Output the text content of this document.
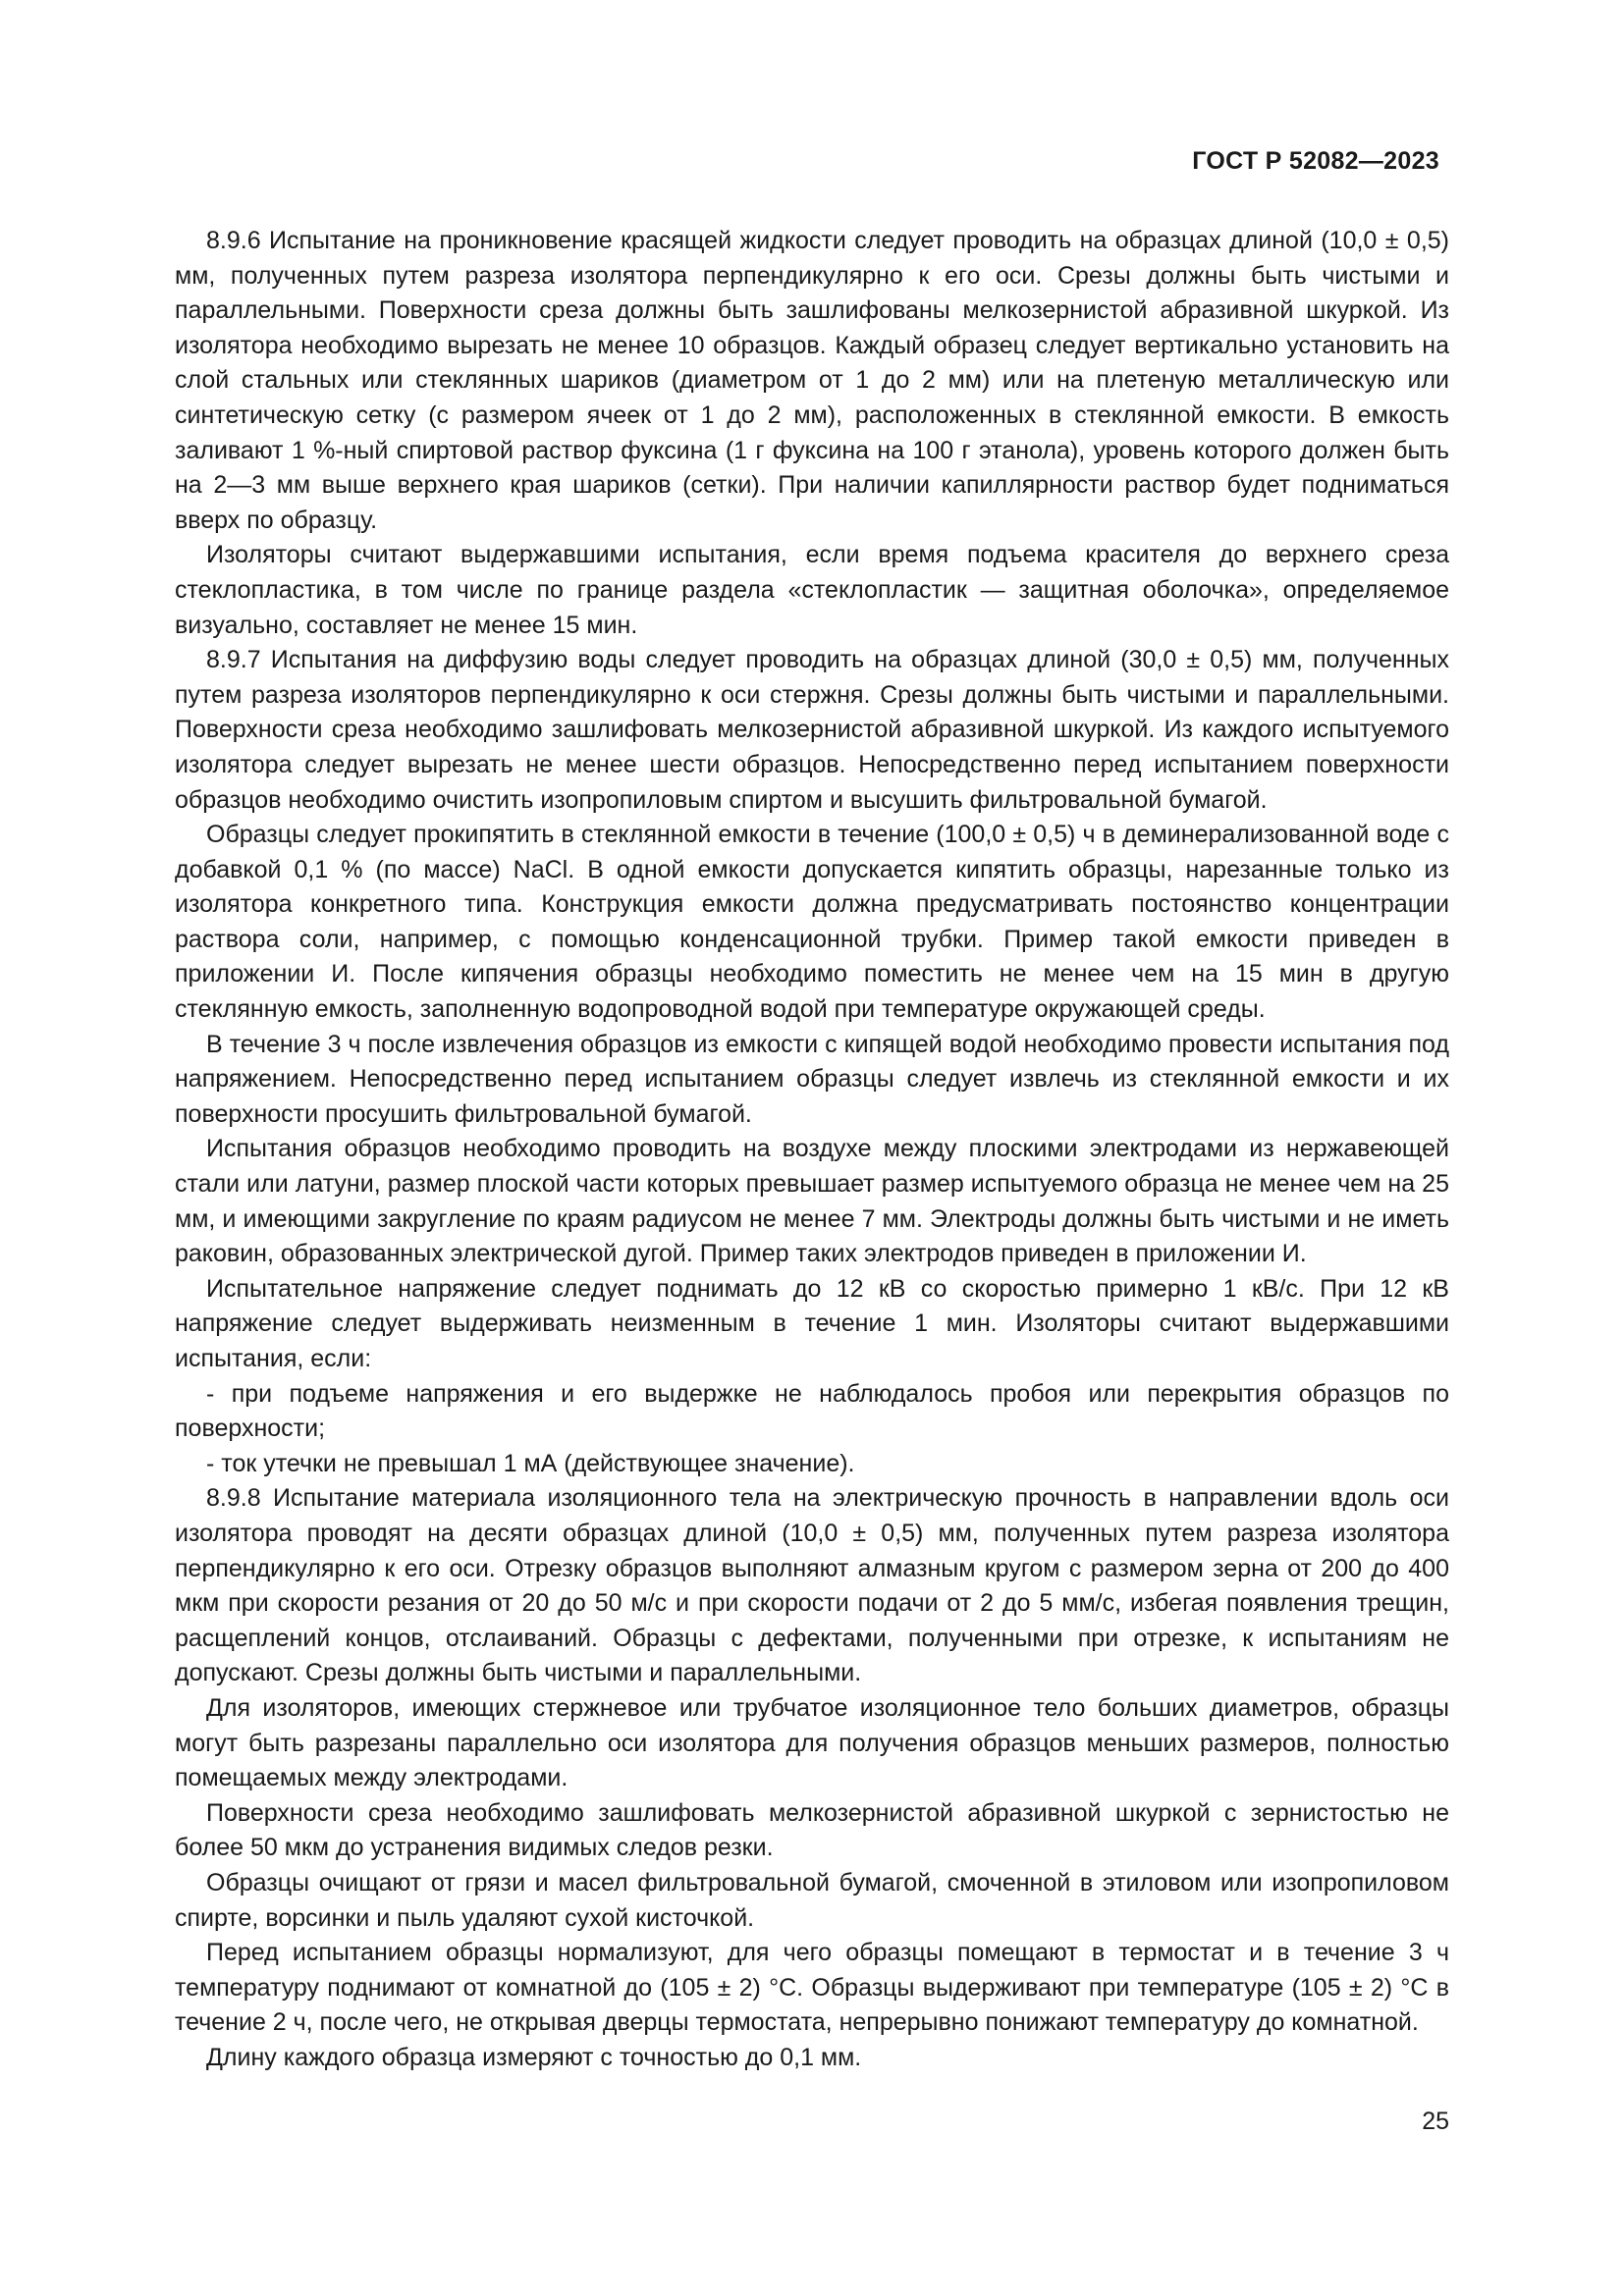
ГОСТ Р 52082—2023

8.9.6 Испытание на проникновение красящей жидкости следует проводить на образцах длиной (10,0 ± 0,5) мм, полученных путем разреза изолятора перпендикулярно к его оси. Срезы должны быть чистыми и параллельными. Поверхности среза должны быть зашлифованы мелкозернистой абразивной шкуркой. Из изолятора необходимо вырезать не менее 10 образцов. Каждый образец следует вертикально установить на слой стальных или стеклянных шариков (диаметром от 1 до 2 мм) или на плетеную металлическую или синтетическую сетку (с размером ячеек от 1 до 2 мм), расположенных в стеклянной емкости. В емкость заливают 1 %-ный спиртовой раствор фуксина (1 г фуксина на 100 г этанола), уровень которого должен быть на 2—3 мм выше верхнего края шариков (сетки). При наличии капиллярности раствор будет подниматься вверх по образцу.

Изоляторы считают выдержавшими испытания, если время подъема красителя до верхнего среза стеклопластика, в том числе по границе раздела «стеклопластик — защитная оболочка», определяемое визуально, составляет не менее 15 мин.

8.9.7 Испытания на диффузию воды следует проводить на образцах длиной (30,0 ± 0,5) мм, полученных путем разреза изоляторов перпендикулярно к оси стержня. Срезы должны быть чистыми и параллельными. Поверхности среза необходимо зашлифовать мелкозернистой абразивной шкуркой. Из каждого испытуемого изолятора следует вырезать не менее шести образцов. Непосредственно перед испытанием поверхности образцов необходимо очистить изопропиловым спиртом и высушить фильтровальной бумагой.

Образцы следует прокипятить в стеклянной емкости в течение (100,0 ± 0,5) ч в деминерализованной воде с добавкой 0,1 % (по массе) NaCl. В одной емкости допускается кипятить образцы, нарезанные только из изолятора конкретного типа. Конструкция емкости должна предусматривать постоянство концентрации раствора соли, например, с помощью конденсационной трубки. Пример такой емкости приведен в приложении И. После кипячения образцы необходимо поместить не менее чем на 15 мин в другую стеклянную емкость, заполненную водопроводной водой при температуре окружающей среды.

В течение 3 ч после извлечения образцов из емкости с кипящей водой необходимо провести испытания под напряжением. Непосредственно перед испытанием образцы следует извлечь из стеклянной емкости и их поверхности просушить фильтровальной бумагой.

Испытания образцов необходимо проводить на воздухе между плоскими электродами из нержавеющей стали или латуни, размер плоской части которых превышает размер испытуемого образца не менее чем на 25 мм, и имеющими закругление по краям радиусом не менее 7 мм. Электроды должны быть чистыми и не иметь раковин, образованных электрической дугой. Пример таких электродов приведен в приложении И.

Испытательное напряжение следует поднимать до 12 кВ со скоростью примерно 1 кВ/с. При 12 кВ напряжение следует выдерживать неизменным в течение 1 мин. Изоляторы считают выдержавшими испытания, если:

- при подъеме напряжения и его выдержке не наблюдалось пробоя или перекрытия образцов по поверхности;

- ток утечки не превышал 1 мА (действующее значение).

8.9.8 Испытание материала изоляционного тела на электрическую прочность в направлении вдоль оси изолятора проводят на десяти образцах длиной (10,0 ± 0,5) мм, полученных путем разреза изолятора перпендикулярно к его оси. Отрезку образцов выполняют алмазным кругом с размером зерна от 200 до 400 мкм при скорости резания от 20 до 50 м/с и при скорости подачи от 2 до 5 мм/с, избегая появления трещин, расщеплений концов, отслаиваний. Образцы с дефектами, полученными при отрезке, к испытаниям не допускают. Срезы должны быть чистыми и параллельными.

Для изоляторов, имеющих стержневое или трубчатое изоляционное тело больших диаметров, образцы могут быть разрезаны параллельно оси изолятора для получения образцов меньших размеров, полностью помещаемых между электродами.

Поверхности среза необходимо зашлифовать мелкозернистой абразивной шкуркой с зернистостью не более 50 мкм до устранения видимых следов резки.

Образцы очищают от грязи и масел фильтровальной бумагой, смоченной в этиловом или изопропиловом спирте, ворсинки и пыль удаляют сухой кисточкой.

Перед испытанием образцы нормализуют, для чего образцы помещают в термостат и в течение 3 ч температуру поднимают от комнатной до (105 ± 2) °С. Образцы выдерживают при температуре (105 ± 2) °С в течение 2 ч, после чего, не открывая дверцы термостата, непрерывно понижают температуру до комнатной.

Длину каждого образца измеряют с точностью до 0,1 мм.

25
